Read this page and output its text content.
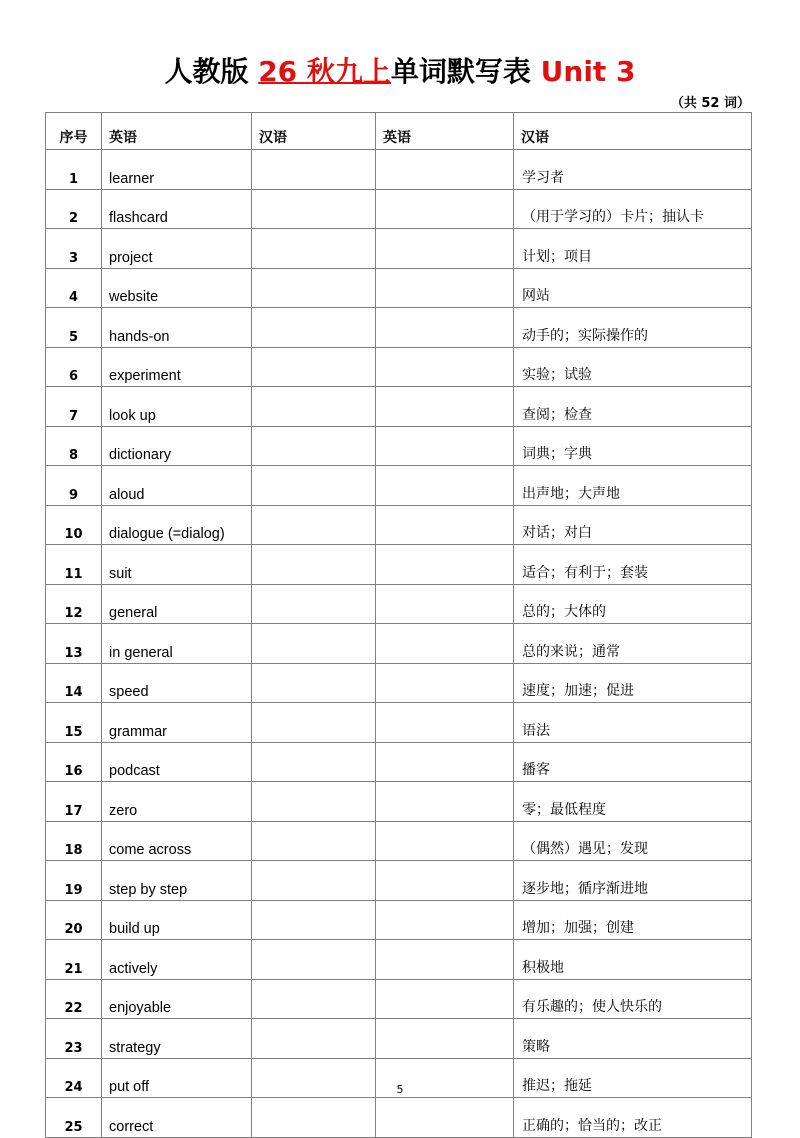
人教版 26 秋九上单词默写表 Unit 3
（共 52 词）
序号	英语	汉语	英语	汉语
1	learner			学习者
2	flashcard			（用于学习的）卡片；抽认卡
3	project			计划；项目
4	website			网站
5	hands-on			动手的；实际操作的
6	experiment			实验；试验
7	look up			查阅；检查
8	dictionary			词典；字典
9	aloud			出声地；大声地
10	dialogue (=dialog)			对话；对白
11	suit			适合；有利于；套装
12	general			总的；大体的
13	in general			总的来说；通常
14	speed			速度；加速；促进
15	grammar			语法
16	podcast			播客
17	zero			零；最低程度
18	come across			（偶然）遇见；发现
19	step by step			逐步地；循序渐进地
20	build up			增加；加强；创建
21	actively			积极地
22	enjoyable			有乐趣的；使人快乐的
23	strategy			策略
24	put off			推迟；拖延
25	correct			正确的；恰当的；改正
5
